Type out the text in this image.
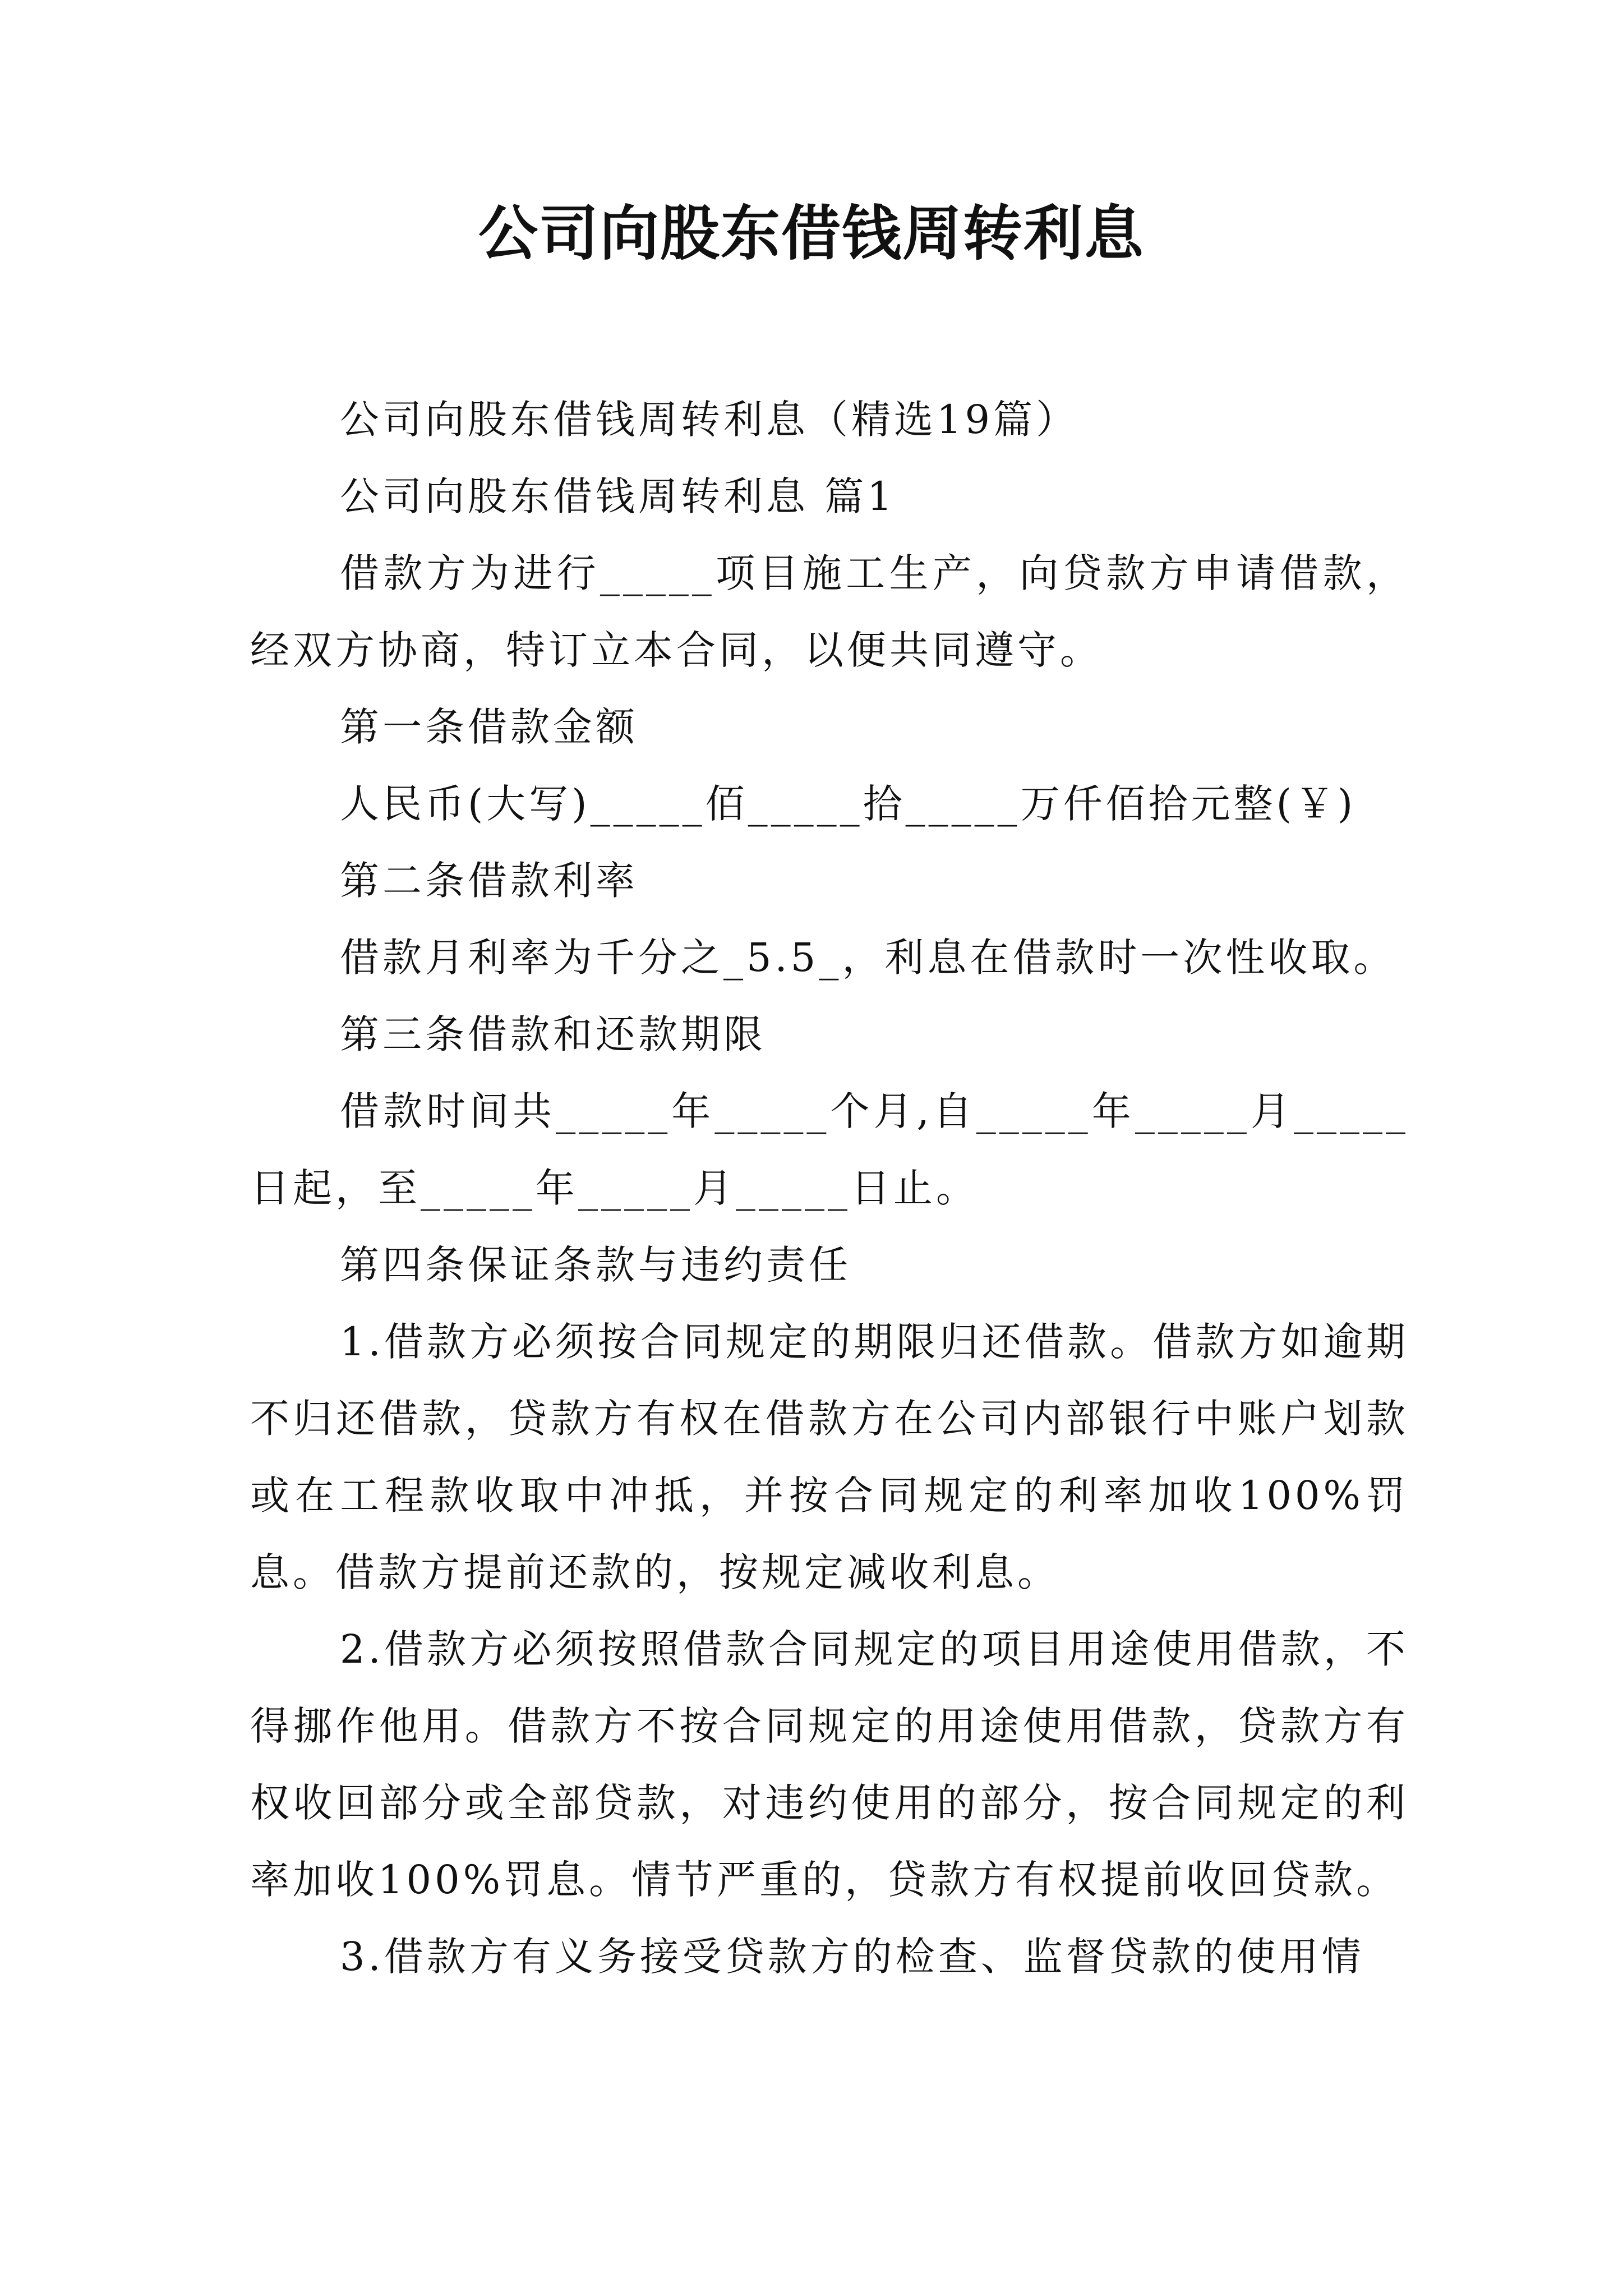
公司向股东借钱周转利息

公司向股东借钱周转利息（精选19篇）

公司向股东借钱周转利息 篇1

借款方为进行_____项目施工生产，向贷款方申请借款，经双方协商，特订立本合同，以便共同遵守。

第一条借款金额

人民币(大写)_____佰_____拾_____万仟佰拾元整(￥)

第二条借款利率

借款月利率为千分之_5.5_，利息在借款时一次性收取。

第三条借款和还款期限

借款时间共_____年_____个月,自_____年_____月_____日起，至_____年_____月_____日止。

第四条保证条款与违约责任

1.借款方必须按合同规定的期限归还借款。借款方如逾期不归还借款，贷款方有权在借款方在公司内部银行中账户划款或在工程款收取中冲抵，并按合同规定的利率加收100%罚息。借款方提前还款的，按规定减收利息。

2.借款方必须按照借款合同规定的项目用途使用借款，不得挪作他用。借款方不按合同规定的用途使用借款，贷款方有权收回部分或全部贷款，对违约使用的部分，按合同规定的利率加收100%罚息。情节严重的，贷款方有权提前收回贷款。

3.借款方有义务接受贷款方的检查、监督贷款的使用情
